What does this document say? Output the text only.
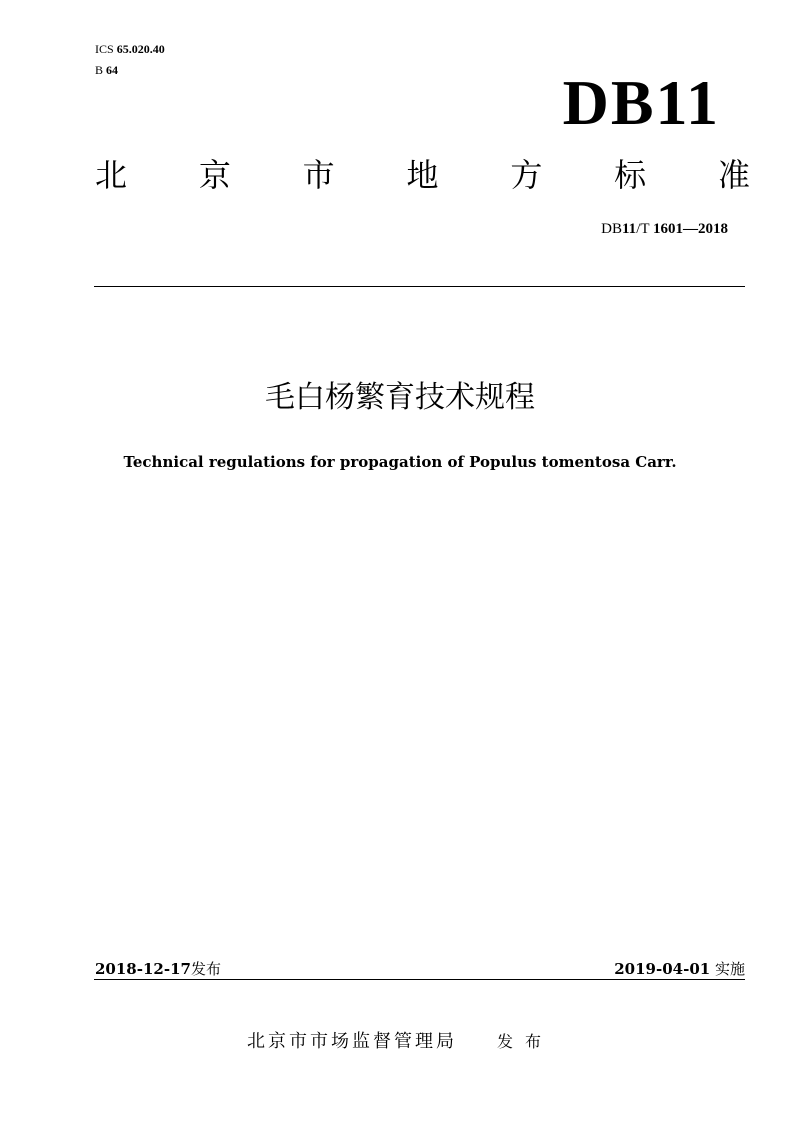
ICS 65.020.40
B 64	DB11
北 京 市 地 方 标 准
DB11/T 1601—2018
毛白杨繁育技术规程
Technical regulations for propagation of Populus tomentosa Carr.
2018-12-17发布	2019-04-01 实施
北京市市场监督管理局	发布
